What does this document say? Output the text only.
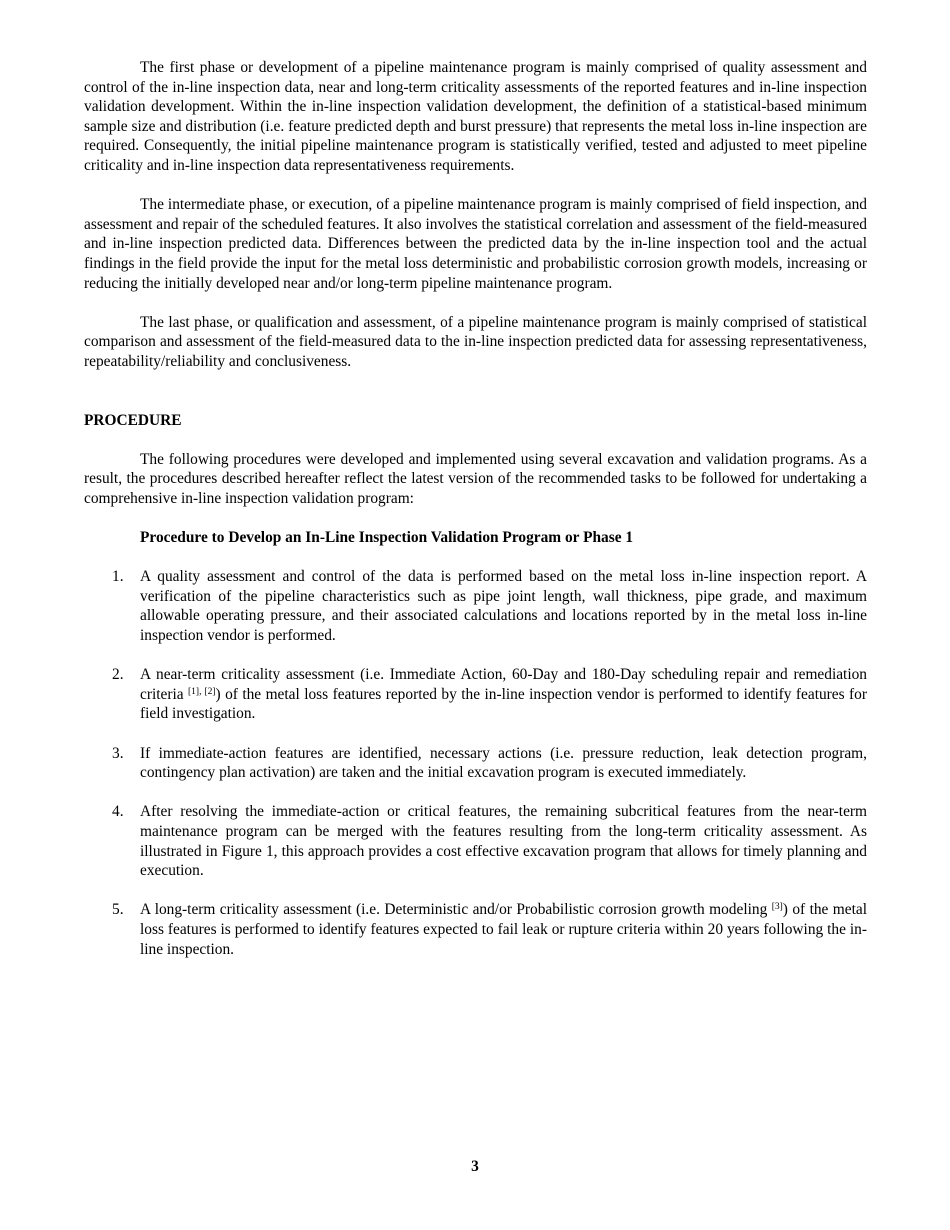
The first phase or development of a pipeline maintenance program is mainly comprised of quality assessment and control of the in-line inspection data, near and long-term criticality assessments of the reported features and in-line inspection validation development. Within the in-line inspection validation development, the definition of a statistical-based minimum sample size and distribution (i.e. feature predicted depth and burst pressure) that represents the metal loss in-line inspection are required. Consequently, the initial pipeline maintenance program is statistically verified, tested and adjusted to meet pipeline criticality and in-line inspection data representativeness requirements.

The intermediate phase, or execution, of a pipeline maintenance program is mainly comprised of field inspection, and assessment and repair of the scheduled features. It also involves the statistical correlation and assessment of the field-measured and in-line inspection predicted data. Differences between the predicted data by the in-line inspection tool and the actual findings in the field provide the input for the metal loss deterministic and probabilistic corrosion growth models, increasing or reducing the initially developed near and/or long-term pipeline maintenance program.

The last phase, or qualification and assessment, of a pipeline maintenance program is mainly comprised of statistical comparison and assessment of the field-measured data to the in-line inspection predicted data for assessing representativeness, repeatability/reliability and conclusiveness.

PROCEDURE

The following procedures were developed and implemented using several excavation and validation programs. As a result, the procedures described hereafter reflect the latest version of the recommended tasks to be followed for undertaking a comprehensive in-line inspection validation program:

Procedure to Develop an In-Line Inspection Validation Program or Phase 1
1. A quality assessment and control of the data is performed based on the metal loss in-line inspection report. A verification of the pipeline characteristics such as pipe joint length, wall thickness, pipe grade, and maximum allowable operating pressure, and their associated calculations and locations reported by in the metal loss in-line inspection vendor is performed.
2. A near-term criticality assessment (i.e. Immediate Action, 60-Day and 180-Day scheduling repair and remediation criteria [1], [2]) of the metal loss features reported by the in-line inspection vendor is performed to identify features for field investigation.
3. If immediate-action features are identified, necessary actions (i.e. pressure reduction, leak detection program, contingency plan activation) are taken and the initial excavation program is executed immediately.
4. After resolving the immediate-action or critical features, the remaining subcritical features from the near-term maintenance program can be merged with the features resulting from the long-term criticality assessment. As illustrated in Figure 1, this approach provides a cost effective excavation program that allows for timely planning and execution.
5. A long-term criticality assessment (i.e. Deterministic and/or Probabilistic corrosion growth modeling [3]) of the metal loss features is performed to identify features expected to fail leak or rupture criteria within 20 years following the in-line inspection.
3
